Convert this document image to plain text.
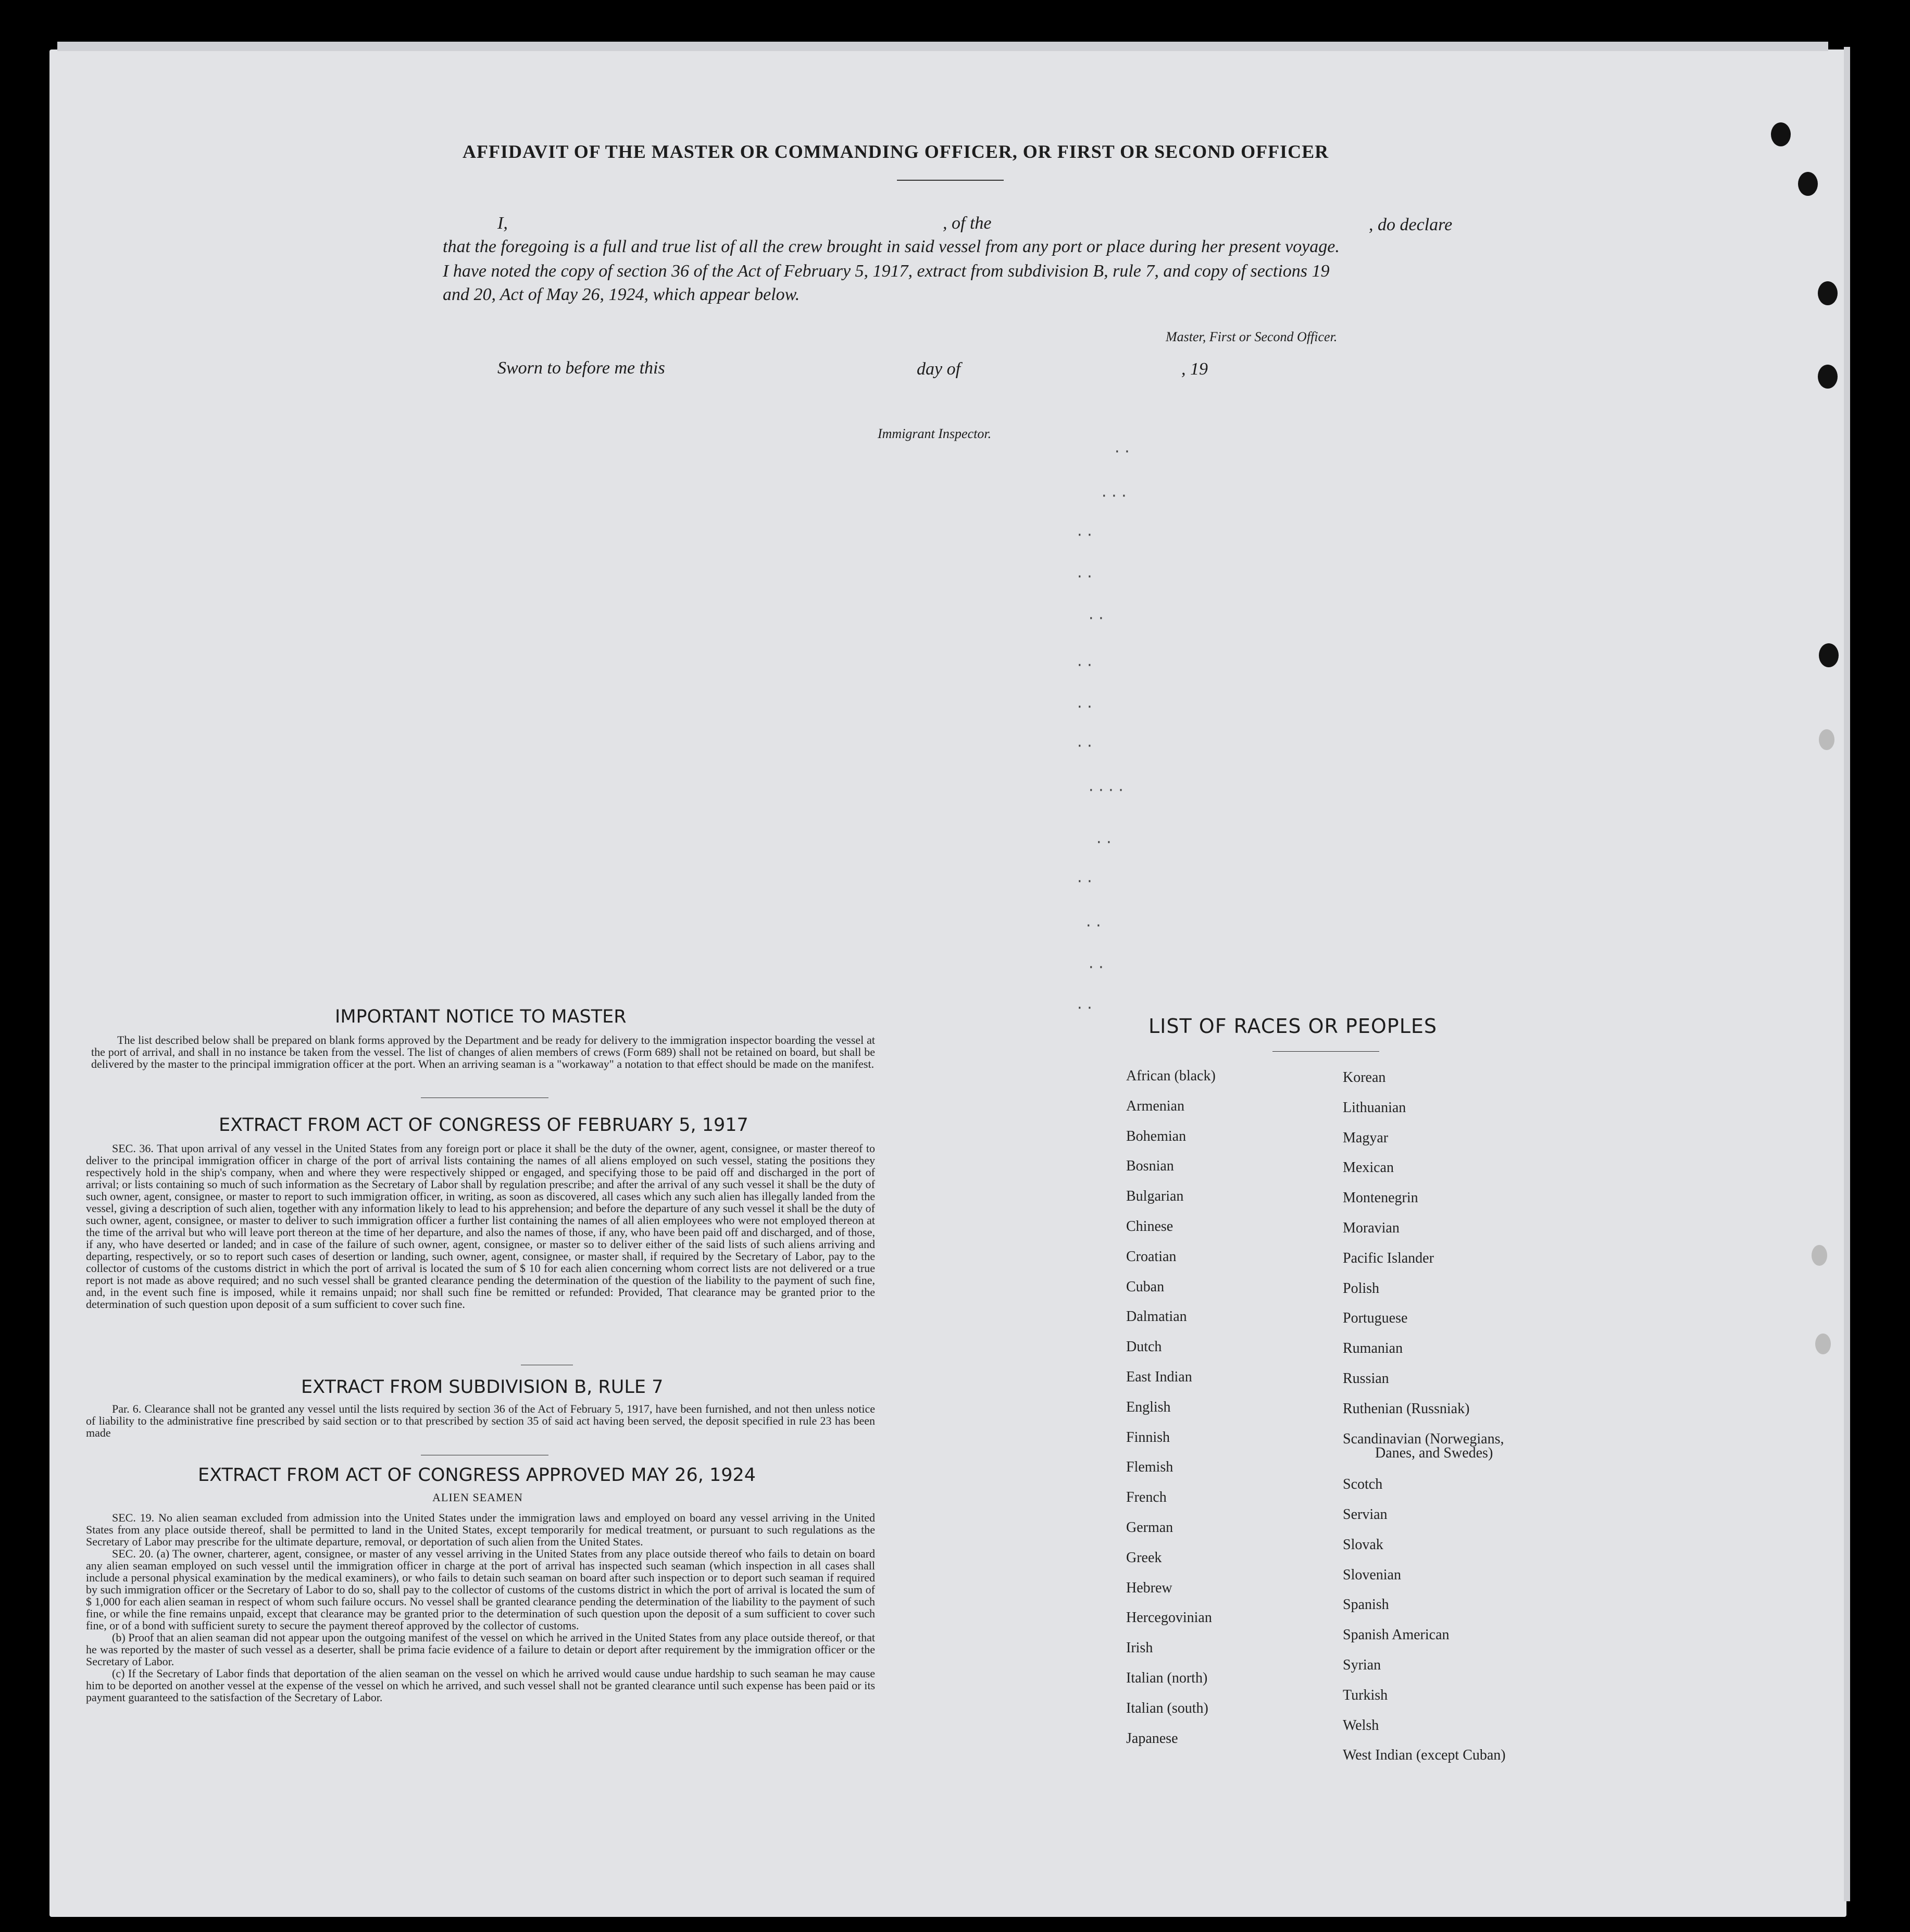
AFFIDAVIT OF THE MASTER OR COMMANDING OFFICER, OR FIRST OR SECOND OFFICER
I,	, of the	, do declare
that the foregoing is a full and true list of all the crew brought in said vessel from any port or place during her present voyage.
I have noted the copy of section 36 of the Act of February 5, 1917, extract from subdivision B, rule 7, and copy of sections 19
and 20, Act of May 26, 1924, which appear below.
Master, First or Second Officer.
Sworn to before me this	day of	, 19
Immigrant Inspector.
· ·
· · ·
· ·
· ·
· ·
· ·
· ·
· ·
· · · ·
· ·
· ·
· ·
· ·
· ·
IMPORTANT NOTICE TO MASTER

The list described below shall be prepared on blank forms approved by the Department and be ready for delivery to the immigration inspector boarding the vessel at the port of arrival, and shall in no instance be taken from the vessel. The list of changes of alien members of crews (Form 689) shall not be retained on board, but shall be delivered by the master to the principal immigration officer at the port. When an arriving seaman is a "workaway" a notation to that effect should be made on the manifest.

EXTRACT FROM ACT OF CONGRESS OF FEBRUARY 5, 1917

SEC. 36. That upon arrival of any vessel in the United States from any foreign port or place it shall be the duty of the owner, agent, consignee, or master thereof to deliver to the principal immigration officer in charge of the port of arrival lists containing the names of all aliens employed on such vessel, stating the positions they respectively hold in the ship's company, when and where they were respectively shipped or engaged, and specifying those to be paid off and discharged in the port of arrival; or lists containing so much of such information as the Secretary of Labor shall by regulation prescribe; and after the arrival of any such vessel it shall be the duty of such owner, agent, consignee, or master to report to such immigration officer, in writing, as soon as discovered, all cases which any such alien has illegally landed from the vessel, giving a description of such alien, together with any information likely to lead to his apprehension; and before the departure of any such vessel it shall be the duty of such owner, agent, consignee, or master to deliver to such immigration officer a further list containing the names of all alien employees who were not employed thereon at the time of the arrival but who will leave port thereon at the time of her departure, and also the names of those, if any, who have been paid off and discharged, and of those, if any, who have deserted or landed; and in case of the failure of such owner, agent, consignee, or master so to deliver either of the said lists of such aliens arriving and departing, respectively, or so to report such cases of desertion or landing, such owner, agent, consignee, or master shall, if required by the Secretary of Labor, pay to the collector of customs of the customs district in which the port of arrival is located the sum of $ 10 for each alien concerning whom correct lists are not delivered or a true report is not made as above required; and no such vessel shall be granted clearance pending the determination of the question of the liability to the payment of such fine, and, in the event such fine is imposed, while it remains unpaid; nor shall such fine be remitted or refunded: Provided, That clearance may be granted prior to the determination of such question upon deposit of a sum sufficient to cover such fine.

EXTRACT FROM SUBDIVISION B, RULE 7

Par. 6. Clearance shall not be granted any vessel until the lists required by section 36 of the Act of February 5, 1917, have been furnished, and not then unless notice of liability to the administrative fine prescribed by said section or to that prescribed by section 35 of said act having been served, the deposit specified in rule 23 has been made

EXTRACT FROM ACT OF CONGRESS APPROVED MAY 26, 1924
ALIEN SEAMEN

SEC. 19. No alien seaman excluded from admission into the United States under the immigration laws and employed on board any vessel arriving in the United States from any place outside thereof, shall be permitted to land in the United States, except temporarily for medical treatment, or pursuant to such regulations as the Secretary of Labor may prescribe for the ultimate departure, removal, or deportation of such alien from the United States.

SEC. 20. (a) The owner, charterer, agent, consignee, or master of any vessel arriving in the United States from any place outside thereof who fails to detain on board any alien seaman employed on such vessel until the immigration officer in charge at the port of arrival has inspected such seaman (which inspection in all cases shall include a personal physical examination by the medical examiners), or who fails to detain such seaman on board after such inspection or to deport such seaman if required by such immigration officer or the Secretary of Labor to do so, shall pay to the collector of customs of the customs district in which the port of arrival is located the sum of $ 1,000 for each alien seaman in respect of whom such failure occurs. No vessel shall be granted clearance pending the determination of the liability to the payment of such fine, or while the fine remains unpaid, except that clearance may be granted prior to the determination of such question upon the deposit of a sum sufficient to cover such fine, or of a bond with sufficient surety to secure the payment thereof approved by the collector of customs.

(b) Proof that an alien seaman did not appear upon the outgoing manifest of the vessel on which he arrived in the United States from any place outside thereof, or that he was reported by the master of such vessel as a deserter, shall be prima facie evidence of a failure to detain or deport after requirement by the immigration officer or the Secretary of Labor.

(c) If the Secretary of Labor finds that deportation of the alien seaman on the vessel on which he arrived would cause undue hardship to such seaman he may cause him to be deported on another vessel at the expense of the vessel on which he arrived, and such vessel shall not be granted clearance until such expense has been paid or its payment guaranteed to the satisfaction of the Secretary of Labor.

LIST OF RACES OR PEOPLES
African (black)
Armenian
Bohemian
Bosnian
Bulgarian
Chinese
Croatian
Cuban
Dalmatian
Dutch
East Indian
English
Finnish
Flemish
French
German
Greek
Hebrew
Hercegovinian
Irish
Italian (north)
Italian (south)
Japanese
Korean
Lithuanian
Magyar
Mexican
Montenegrin
Moravian
Pacific Islander
Polish
Portuguese
Rumanian
Russian
Ruthenian (Russniak)
Scandinavian (Norwegians,
Danes, and Swedes)
Scotch
Servian
Slovak
Slovenian
Spanish
Spanish American
Syrian
Turkish
Welsh
West Indian (except Cuban)
